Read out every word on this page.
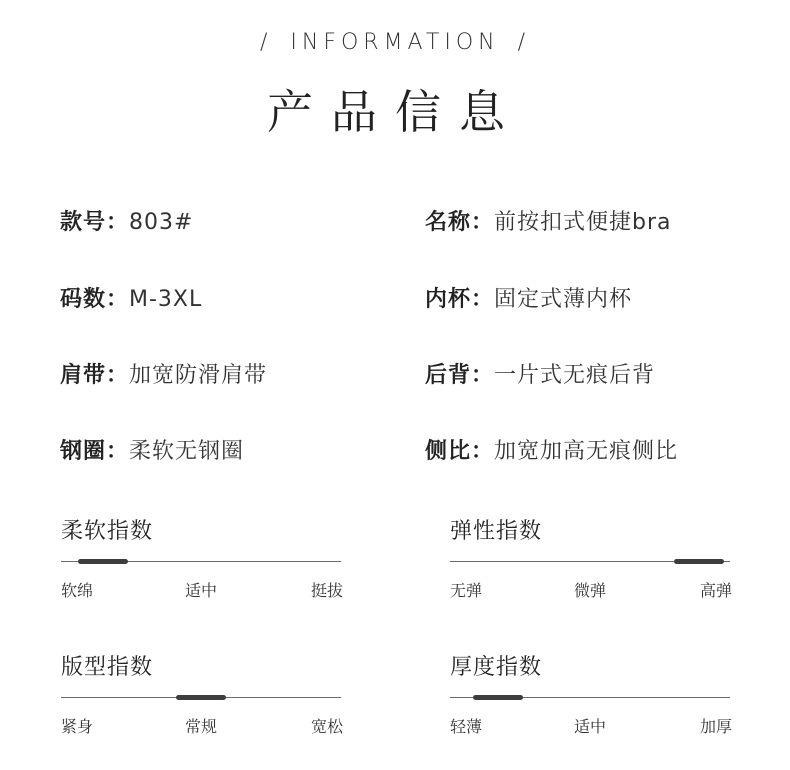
/ INFORMATION /
产品信息
款号：803#	名称：前按扣式便捷bra
码数：M-3XL	内杯：固定式薄内杯
肩带：加宽防滑肩带	后背：一片式无痕后背
钢圈：柔软无钢圈	侧比：加宽加高无痕侧比
柔软指数
软绵	适中	挺拔
弹性指数
无弹	微弹	高弹
版型指数
紧身	常规	宽松
厚度指数
轻薄	适中	加厚
